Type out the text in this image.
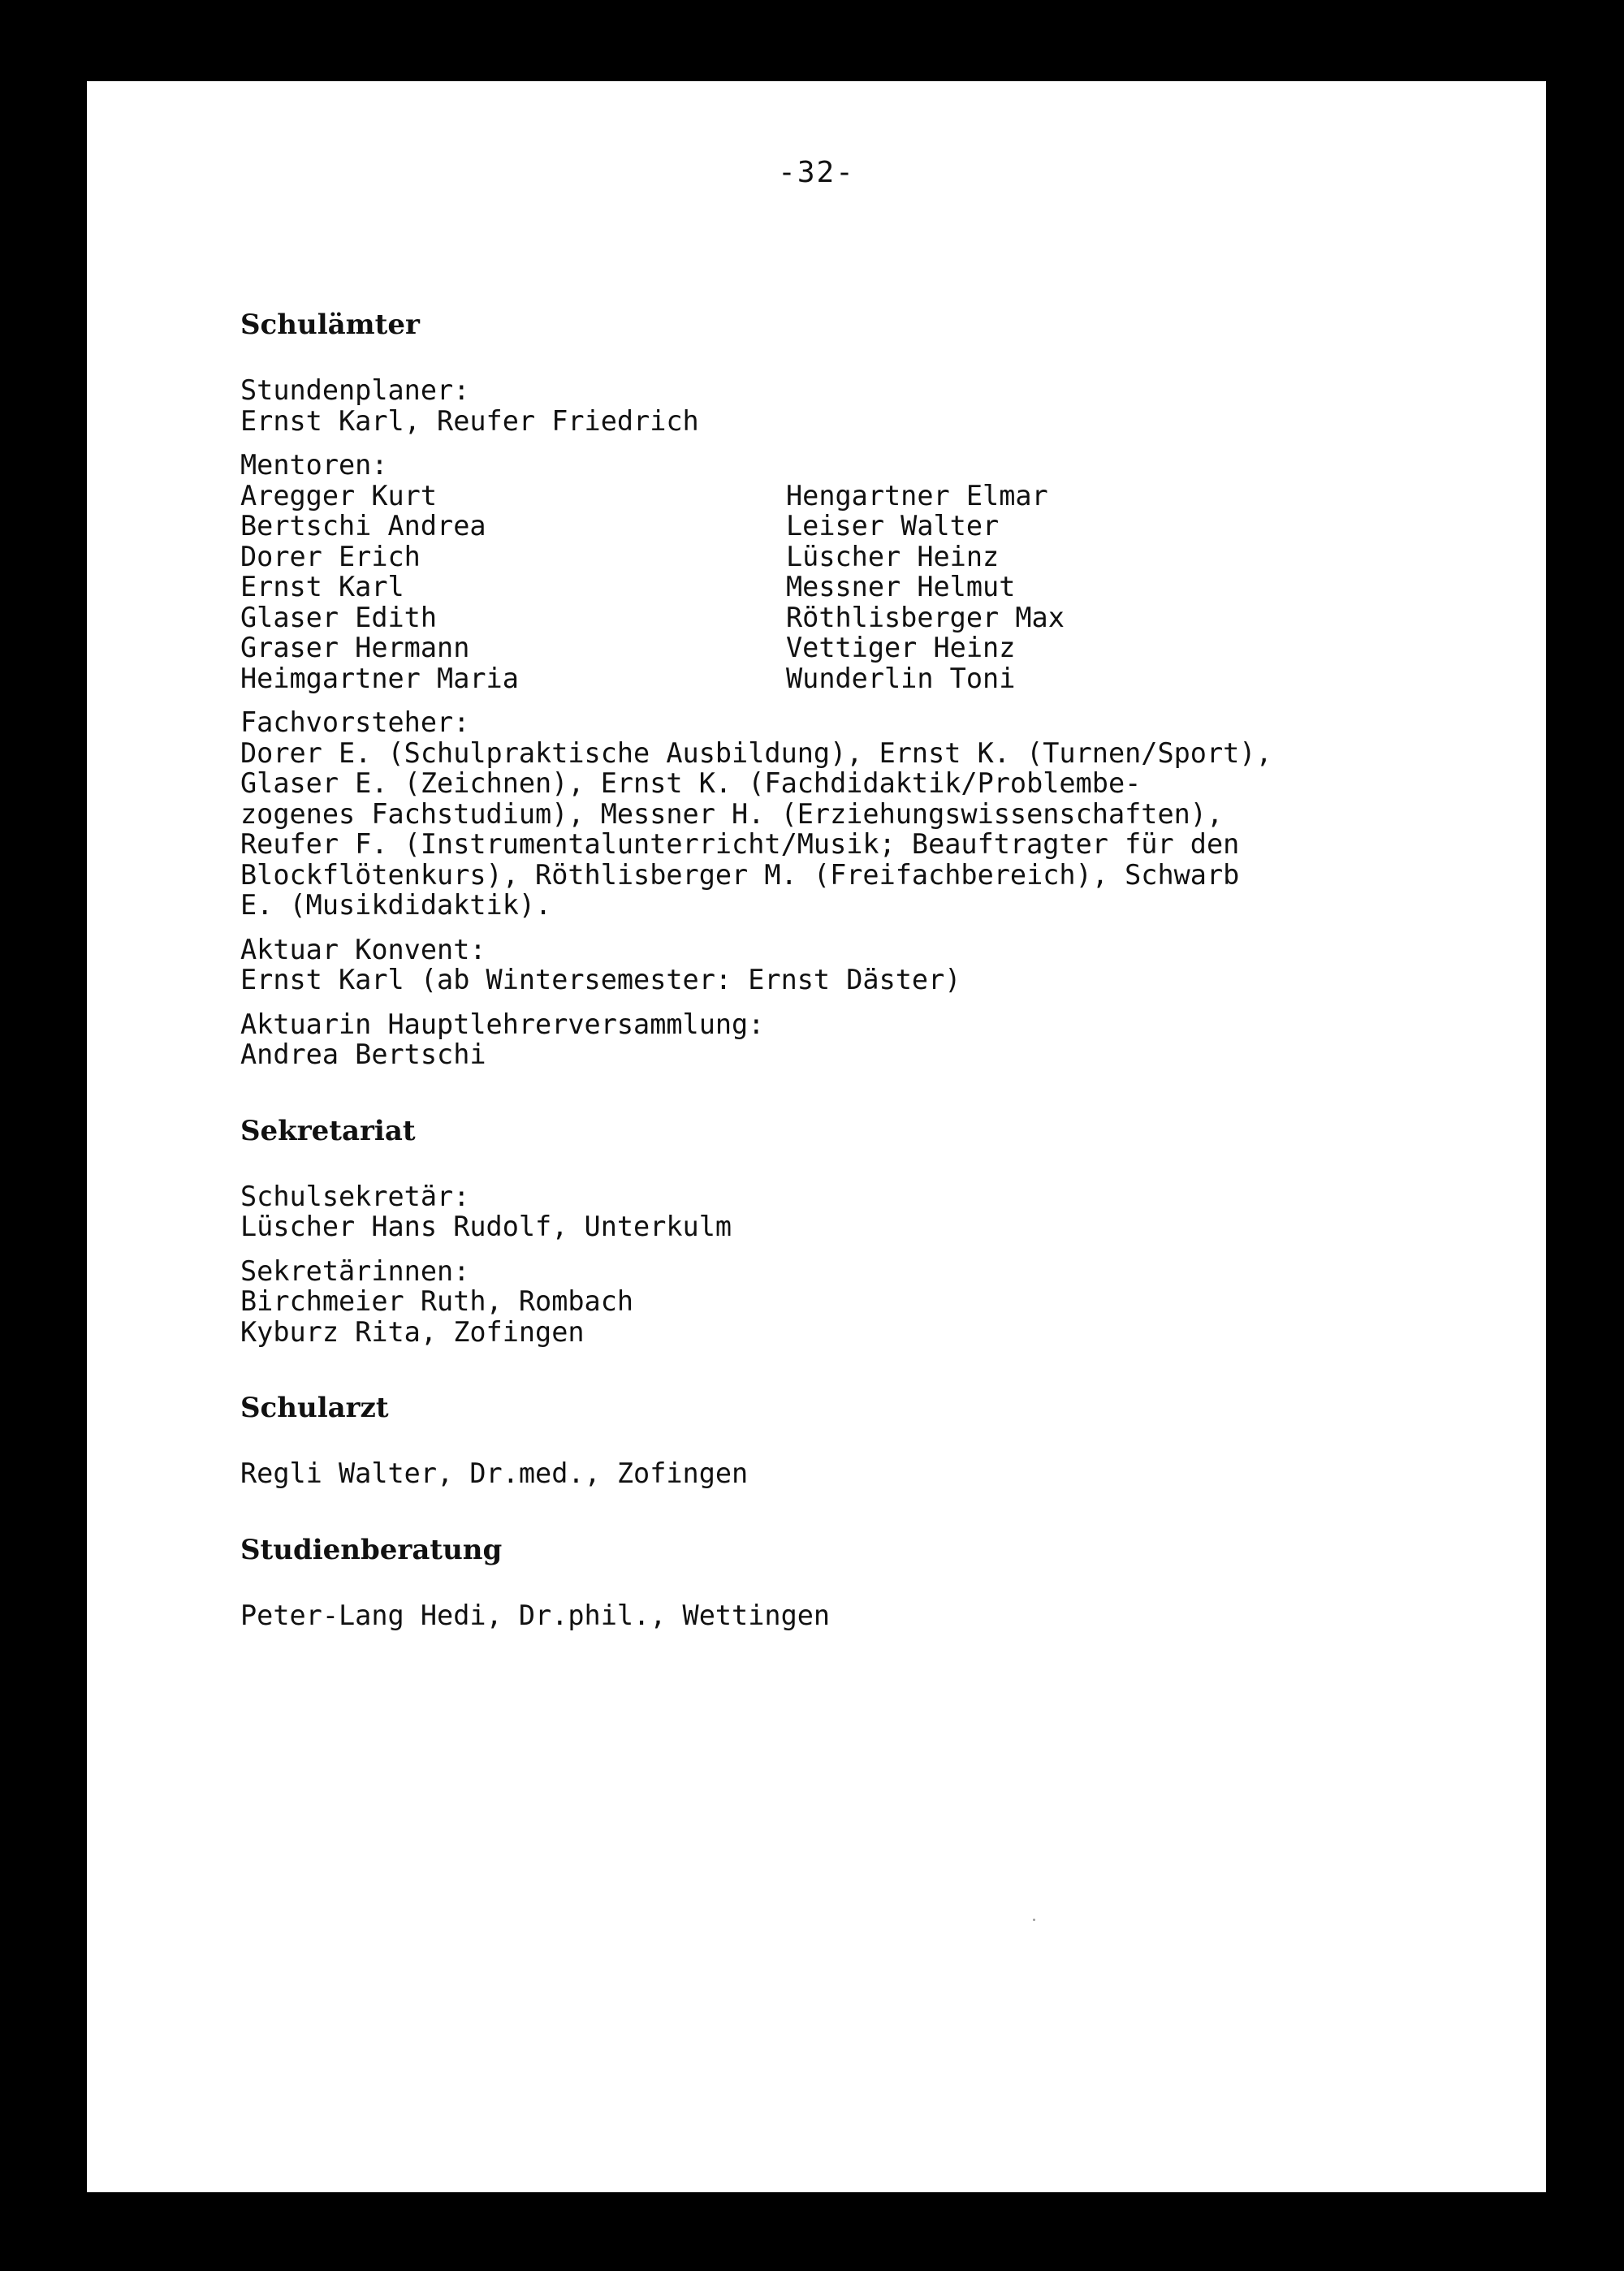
-32-
Schulämter

Stundenplaner:

Ernst Karl, Reufer Friedrich

Mentoren:

Aregger Kurt

Bertschi Andrea

Dorer Erich

Ernst Karl

Glaser Edith

Graser Hermann

Heimgartner Maria

Hengartner Elmar

Leiser Walter

Lüscher Heinz

Messner Helmut

Röthlisberger Max

Vettiger Heinz

Wunderlin Toni

Fachvorsteher:

Dorer E. (Schulpraktische Ausbildung), Ernst K. (Turnen/Sport),

Glaser E. (Zeichnen), Ernst K. (Fachdidaktik/Problembe-

zogenes Fachstudium), Messner H. (Erziehungswissenschaften),

Reufer F. (Instrumentalunterricht/Musik; Beauftragter für den

Blockflötenkurs), Röthlisberger M. (Freifachbereich), Schwarb

E. (Musikdidaktik).

Aktuar Konvent:

Ernst Karl (ab Wintersemester: Ernst Däster)

Aktuarin Hauptlehrerversammlung:

Andrea Bertschi

Sekretariat

Schulsekretär:

Lüscher Hans Rudolf, Unterkulm

Sekretärinnen:

Birchmeier Ruth, Rombach

Kyburz Rita, Zofingen

Schularzt

Regli Walter, Dr.med., Zofingen

Studienberatung

Peter-Lang Hedi, Dr.phil., Wettingen
